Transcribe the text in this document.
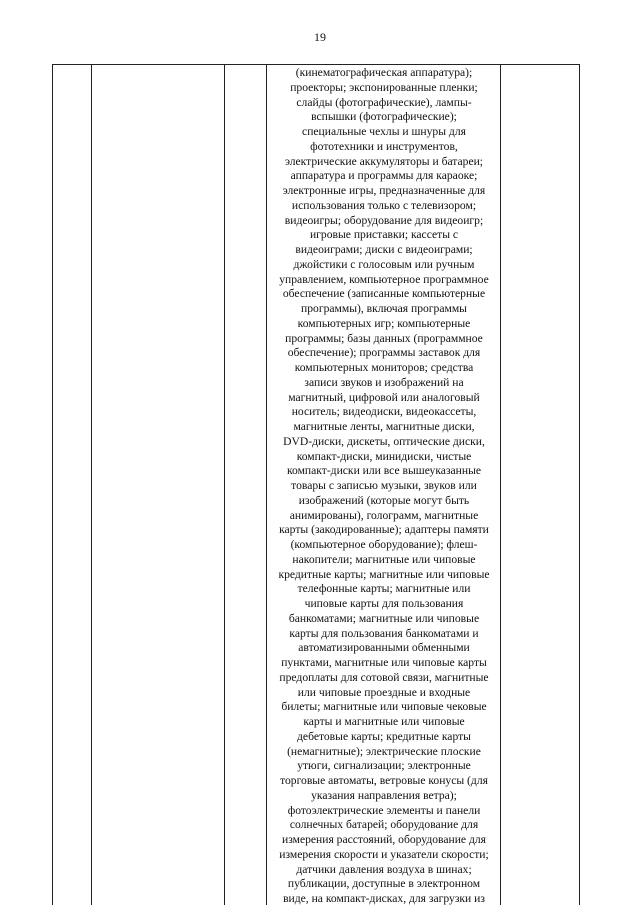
19
(кинематографическая аппаратура);
проекторы; экспонированные пленки;
слайды (фотографические), лампы-
вспышки (фотографические);
специальные чехлы и шнуры для
фототехники и инструментов,
электрические аккумуляторы и батареи;
аппаратура и программы для караоке;
электронные игры, предназначенные для
использования только с телевизором;
видеоигры; оборудование для видеоигр;
игровые приставки; кассеты с
видеоиграми; диски с видеоиграми;
джойстики с голосовым или ручным
управлением, компьютерное программное
обеспечение (записанные компьютерные
программы), включая программы
компьютерных игр; компьютерные
программы; базы данных (программное
обеспечение); программы заставок для
компьютерных мониторов; средства
записи звуков и изображений на
магнитный, цифровой или аналоговый
носитель; видеодиски, видеокассеты,
магнитные ленты, магнитные диски,
DVD-диски, дискеты, оптические диски,
компакт-диски, минидиски, чистые
компакт-диски или все вышеуказанные
товары с записью музыки, звуков или
изображений (которые могут быть
анимированы), голограмм, магнитные
карты (закодированные); адаптеры памяти
(компьютерное оборудование); флеш-
накопители; магнитные или чиповые
кредитные карты; магнитные или чиповые
телефонные карты; магнитные или
чиповые карты для пользования
банкоматами; магнитные или чиповые
карты для пользования банкоматами и
автоматизированными обменными
пунктами, магнитные или чиповые карты
предоплаты для сотовой связи, магнитные
или чиповые проездные и входные
билеты; магнитные или чиповые чековые
карты и магнитные или чиповые
дебетовые карты; кредитные карты
(немагнитные); электрические плоские
утюги, сигнализации; электронные
торговые автоматы, ветровые конусы (для
указания направления ветра);
фотоэлектрические элементы и панели
солнечных батарей; оборудование для
измерения расстояний, оборудование для
измерения скорости и указатели скорости;
датчики давления воздуха в шинах;
публикации, доступные в электронном
виде, на компакт-дисках, для загрузки из
